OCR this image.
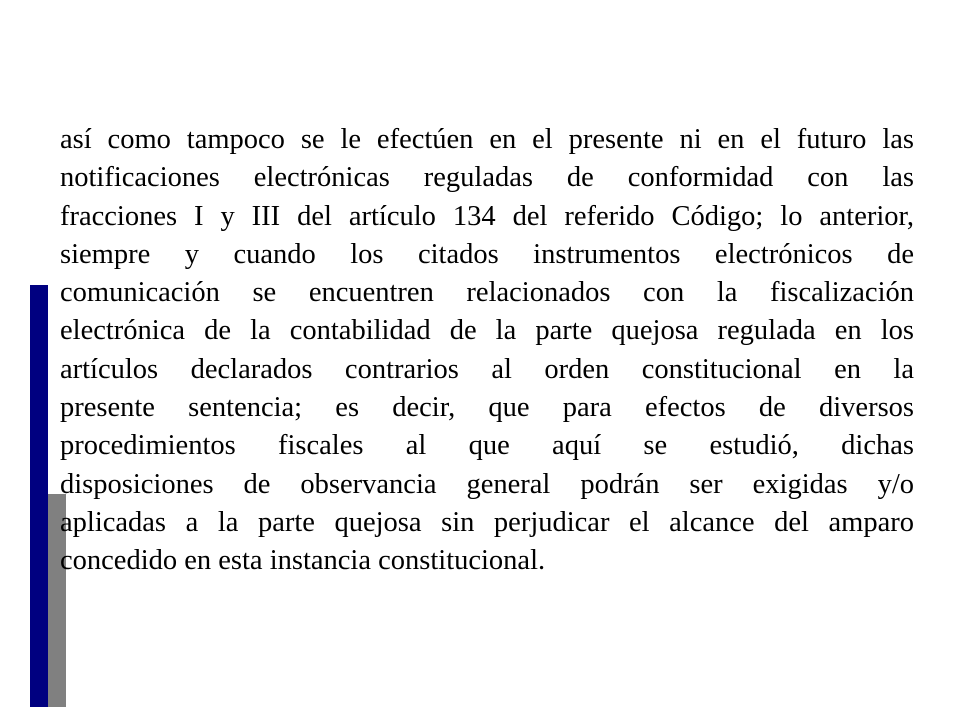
así como tampoco se le efectúen en el presente ni en el futuro las
notificaciones electrónicas reguladas de conformidad con las
fracciones I y III del artículo 134 del referido Código; lo anterior,
siempre y cuando los citados instrumentos electrónicos de
comunicación se encuentren relacionados con la fiscalización
electrónica de la contabilidad de la parte quejosa regulada en los
artículos declarados contrarios al orden constitucional en la
presente sentencia; es decir, que para efectos de diversos
procedimientos fiscales al que aquí se estudió, dichas
disposiciones de observancia general podrán ser exigidas y/o
aplicadas a la parte quejosa sin perjudicar el alcance del amparo
concedido en esta instancia constitucional.
